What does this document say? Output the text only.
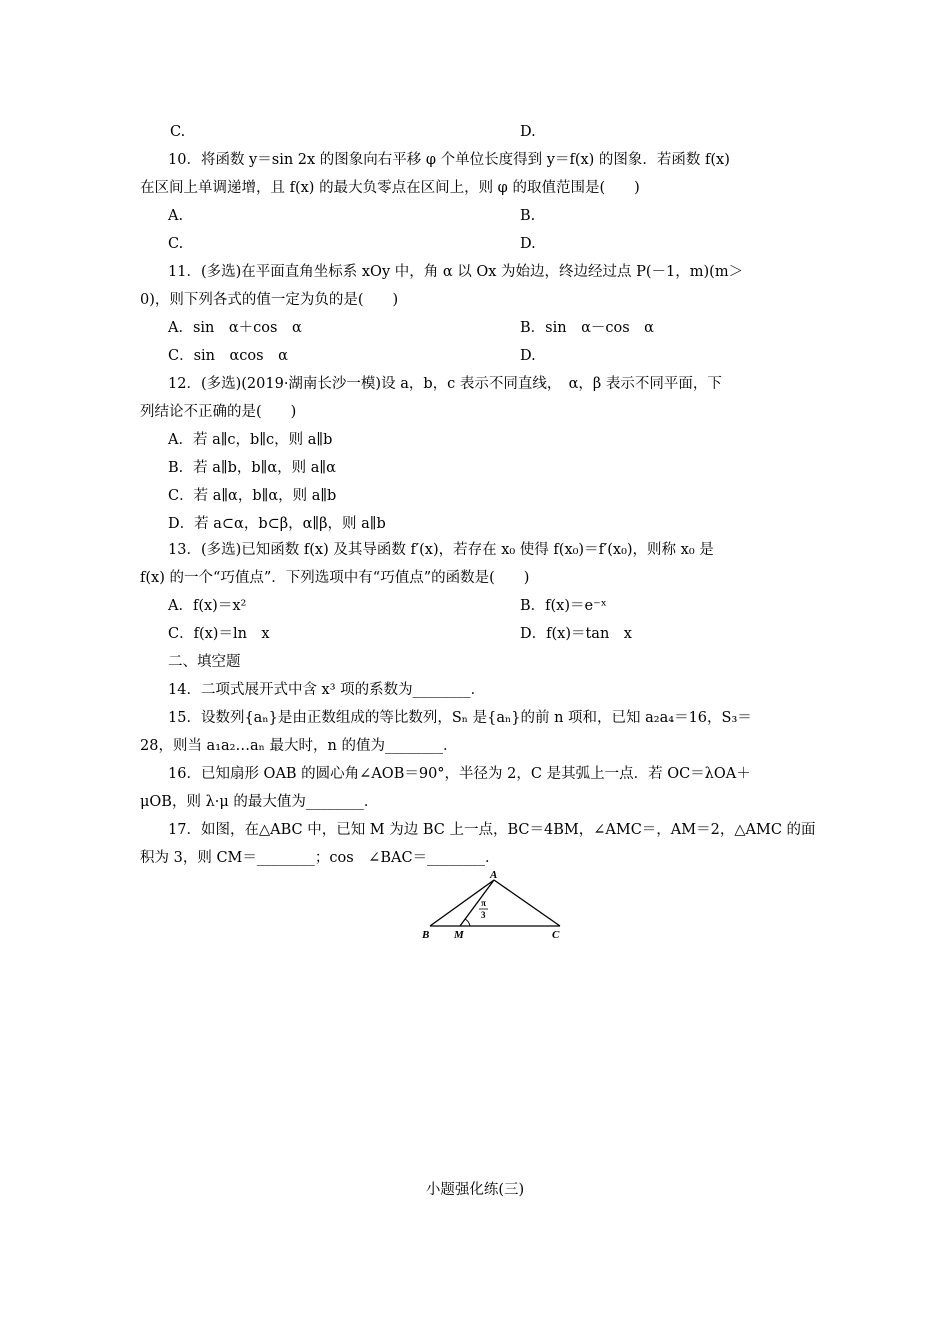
C.	D.
10．将函数 y＝sin 2x 的图象向右平移 φ 个单位长度得到 y＝f(x) 的图象．若函数 f(x)
在区间上单调递增，且 f(x) 的最大负零点在区间上，则 φ 的取值范围是(　　)
A.	B.
C.	D.
11．(多选)在平面直角坐标系 xOy 中，角 α 以 Ox 为始边，终边经过点 P(－1，m)(m＞
0)，则下列各式的值一定为负的是(　　)
A．sin　α＋cos　α	B．sin　α－cos　α
C．sin　αcos　α	D.
12．(多选)(2019·湖南长沙一模)设 a，b，c 表示不同直线，　α，β 表示不同平面，下
列结论不正确的是(　　)
A．若 a∥c，b∥c，则 a∥b
B．若 a∥b，b∥α，则 a∥α
C．若 a∥α，b∥α，则 a∥b
D．若 a⊂α，b⊂β，α∥β，则 a∥b
13．(多选)已知函数 f(x) 及其导函数 f′(x)，若存在 x₀ 使得 f(x₀)＝f′(x₀)，则称 x₀ 是
f(x) 的一个“巧值点”．下列选项中有“巧值点”的函数是(　　)
A．f(x)＝x²	B．f(x)＝e⁻ˣ
C．f(x)＝ln　x	D．f(x)＝tan　x
二、填空题
14．二项式展开式中含 x³ 项的系数为________．
15．设数列{aₙ}是由正数组成的等比数列，Sₙ 是{aₙ}的前 n 项和，已知 a₂a₄＝16，S₃＝
28，则当 a₁a₂…aₙ 最大时，n 的值为________．
16．已知扇形 OAB 的圆心角∠AOB＝90°，半径为 2，C 是其弧上一点．若 OC＝λOA＋
μOB，则 λ·μ 的最大值为________．
17．如图，在△ABC 中，已知 M 为边 BC 上一点，BC＝4BM，∠AMC＝，AM＝2，△AMC 的面
积为 3，则 CM＝________；cos　∠BAC＝________．
A
B M	C
π
3
小题强化练(三)
